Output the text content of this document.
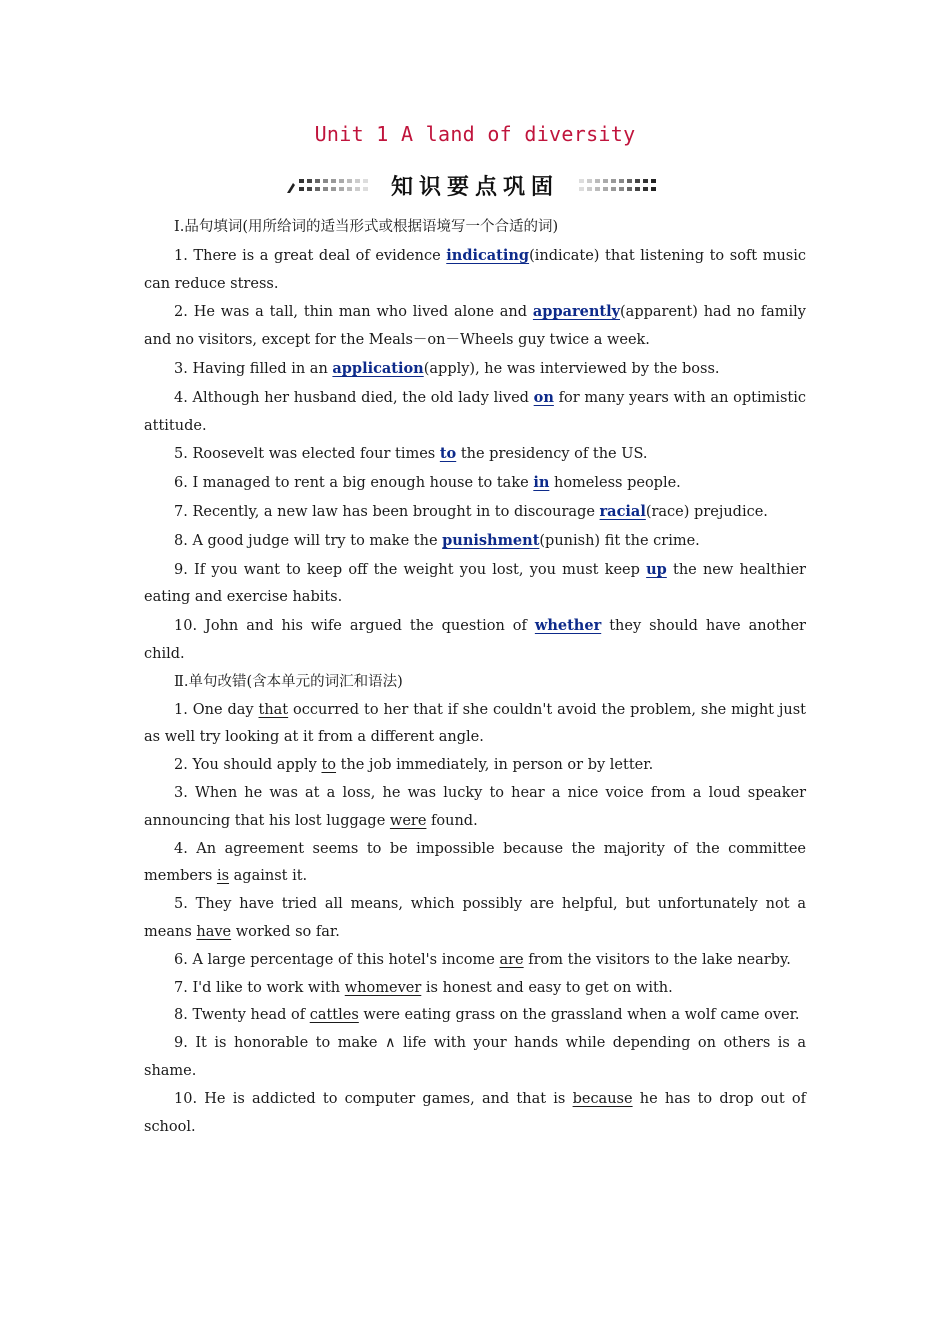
Unit 1 A land of diversity
知识要点巩固

Ⅰ.品句填词(用所给词的适当形式或根据语境写一个合适的词)

1. There is a great deal of evidence indicating(indicate) that listening to soft music can reduce stress.

2. He was a tall, thin man who lived alone and apparently(apparent) had no family and no visitors, except for the Meals－on－Wheels guy twice a week.

3. Having filled in an application(apply), he was interviewed by the boss.

4. Although her husband died, the old lady lived on for many years with an optimistic attitude.

5. Roosevelt was elected four times to the presidency of the US.

6. I managed to rent a big enough house to take in homeless people.

7. Recently, a new law has been brought in to discourage racial(race) prejudice.

8. A good judge will try to make the punishment(punish) fit the crime.

9. If you want to keep off the weight you lost, you must keep up the new healthier eating and exercise habits.

10. John and his wife argued the question of whether they should have another child.

Ⅱ.单句改错(含本单元的词汇和语法)

1. One day that occurred to her that if she couldn't avoid the problem, she might just as well try looking at it from a different angle.

2. You should apply to the job immediately, in person or by letter.

3. When he was at a loss, he was lucky to hear a nice voice from a loud speaker announcing that his lost luggage were found.

4. An agreement seems to be impossible because the majority of the committee members is against it.

5. They have tried all means, which possibly are helpful, but unfortunately not a means have worked so far.

6. A large percentage of this hotel's income are from the visitors to the lake nearby.

7. I'd like to work with whomever is honest and easy to get on with.

8. Twenty head of cattles were eating grass on the grassland when a wolf came over.

9. It is honorable to make ∧ life with your hands while depending on others is a shame.

10. He is addicted to computer games, and that is because he has to drop out of school.
